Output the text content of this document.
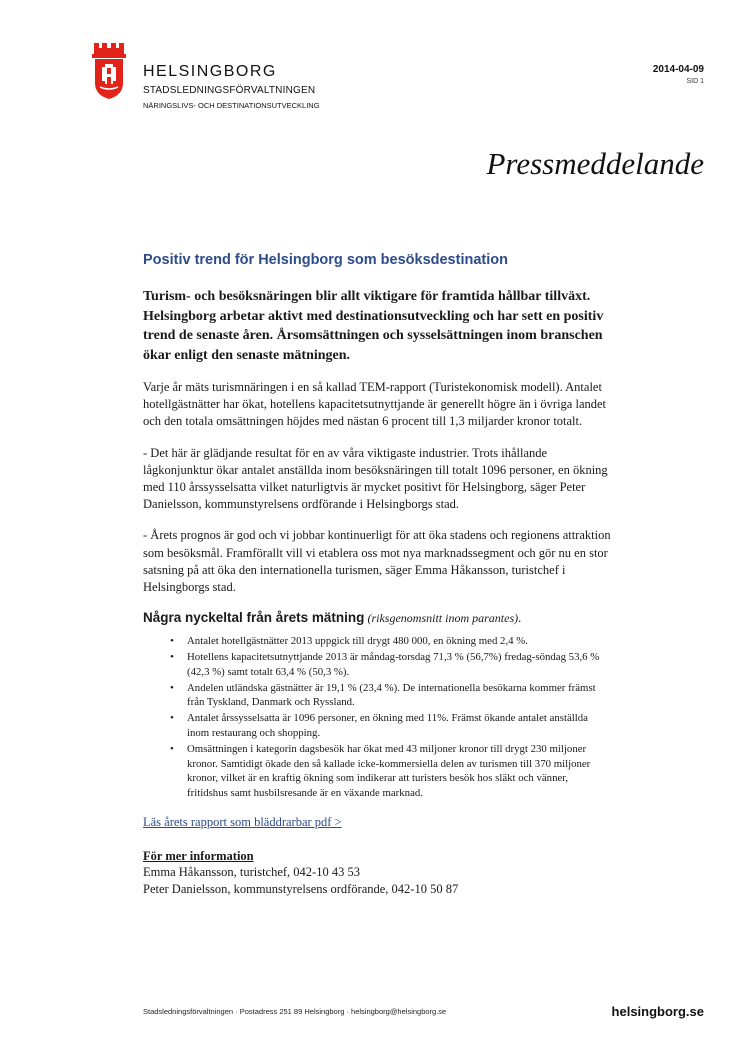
HELSINGBORG
STADSLEDNINGSFÖRVALTNINGEN
NÄRINGSLIVS- OCH DESTINATIONSUTVECKLING
2014-04-09
SID 1
Pressmeddelande
Positiv trend för Helsingborg som besöksdestination

Turism- och besöksnäringen blir allt viktigare för framtida hållbar tillväxt. Helsingborg arbetar aktivt med destinationsutveckling och har sett en positiv trend de senaste åren. Årsomsättningen och sysselsättningen inom branschen ökar enligt den senaste mätningen.

Varje år mäts turismnäringen i en så kallad TEM-rapport (Turistekonomisk modell). Antalet hotellgästnätter har ökat, hotellens kapacitetsutnyttjande är generellt högre än i övriga landet och den totala omsättningen höjdes med nästan 6 procent till 1,3 miljarder kronor totalt.

- Det här är glädjande resultat för en av våra viktigaste industrier. Trots ihållande lågkonjunktur ökar antalet anställda inom besöksnäringen till totalt 1096 personer, en ökning med 110 årssysselsatta vilket naturligtvis är mycket positivt för Helsingborg, säger Peter Danielsson, kommunstyrelsens ordförande i Helsingborgs stad.

- Årets prognos är god och vi jobbar kontinuerligt för att öka stadens och regionens attraktion som besöksmål. Framförallt vill vi etablera oss mot nya marknadssegment och gör nu en stor satsning på att öka den internationella turismen, säger Emma Håkansson, turistchef i Helsingborgs stad.

Några nyckeltal från årets mätning (riksgenomsnitt inom parantes).

• Antalet hotellgästnätter 2013 uppgick till drygt 480 000, en ökning med 2,4 %.
• Hotellens kapacitetsutnyttjande 2013 är måndag-torsdag 71,3 % (56,7%) fredag-söndag 53,6 % (42,3 %) samt totalt 63,4 % (50,3 %).
• Andelen utländska gästnätter är 19,1 % (23,4 %). De internationella besökarna kommer främst från Tyskland, Danmark och Ryssland.
• Antalet årssysselsatta är 1096 personer, en ökning med 11%. Främst ökande antalet anställda inom restaurang och shopping.
• Omsättningen i kategorin dagsbesök har ökat med 43 miljoner kronor till drygt 230 miljoner kronor. Samtidigt ökade den så kallade icke-kommersiella delen av turismen till 370 miljoner kronor, vilket är en kraftig ökning som indikerar att turisters besök hos släkt och vänner, fritidshus samt husbilsresande är en växande marknad.
Läs årets rapport som bläddrarbar pdf >
För mer information
Emma Håkansson, turistchef, 042-10 43 53
Peter Danielsson, kommunstyrelsens ordförande, 042-10 50 87
Stadsledningsförvaltningen · Postadress 251 89 Helsingborg · helsingborg@helsingborg.se	helsingborg.se
